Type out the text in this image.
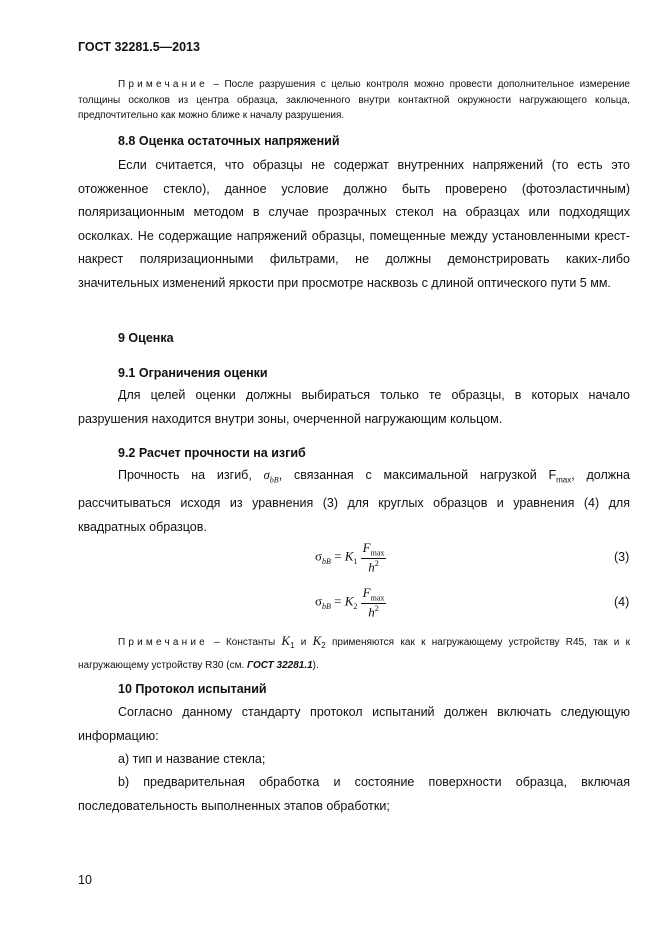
ГОСТ 32281.5—2013
Примечание – После разрушения с целью контроля можно провести дополнительное измерение толщины осколков из центра образца, заключенного внутри контактной окружности нагружающего кольца, предпочтительно как можно ближе к началу разрушения.
8.8 Оценка остаточных напряжений
Если считается, что образцы не содержат внутренних напряжений (то есть это отожженное стекло), данное условие должно быть проверено (фотоэластичным) поляризационным методом в случае прозрачных стекол на образцах или подходящих осколках. Не содержащие напряжений образцы, помещенные между установленными крест-накрест поляризационными фильтрами, не должны демонстрировать каких-либо значительных изменений яркости при просмотре насквозь с длиной оптического пути 5 мм.
9 Оценка
9.1 Ограничения оценки
Для целей оценки должны выбираться только те образцы, в которых начало разрушения находится внутри зоны, очерченной нагружающим кольцом.
9.2 Расчет прочности на изгиб
Прочность на изгиб, $\sigma_{bB}$, связанная с максимальной нагрузкой $F_{max}$, должна рассчитываться исходя из уравнения (3) для круглых образцов и уравнения (4) для квадратных образцов.
$\sigma_{bB} = K_1 \frac{F_{max}}{h^2}$	(3)
$\sigma_{bB} = K_2 \frac{F_{max}}{h^2}$	(4)
Примечание – Константы $K_1$ и $K_2$ применяются как к нагружающему устройству R45, так и к нагружающему устройству R30 (см. ГОСТ 32281.1).
10 Протокол испытаний
Согласно данному стандарту протокол испытаний должен включать следующую информацию:
a) тип и название стекла;
b) предварительная обработка и состояние поверхности образца, включая последовательность выполненных этапов обработки;
10
